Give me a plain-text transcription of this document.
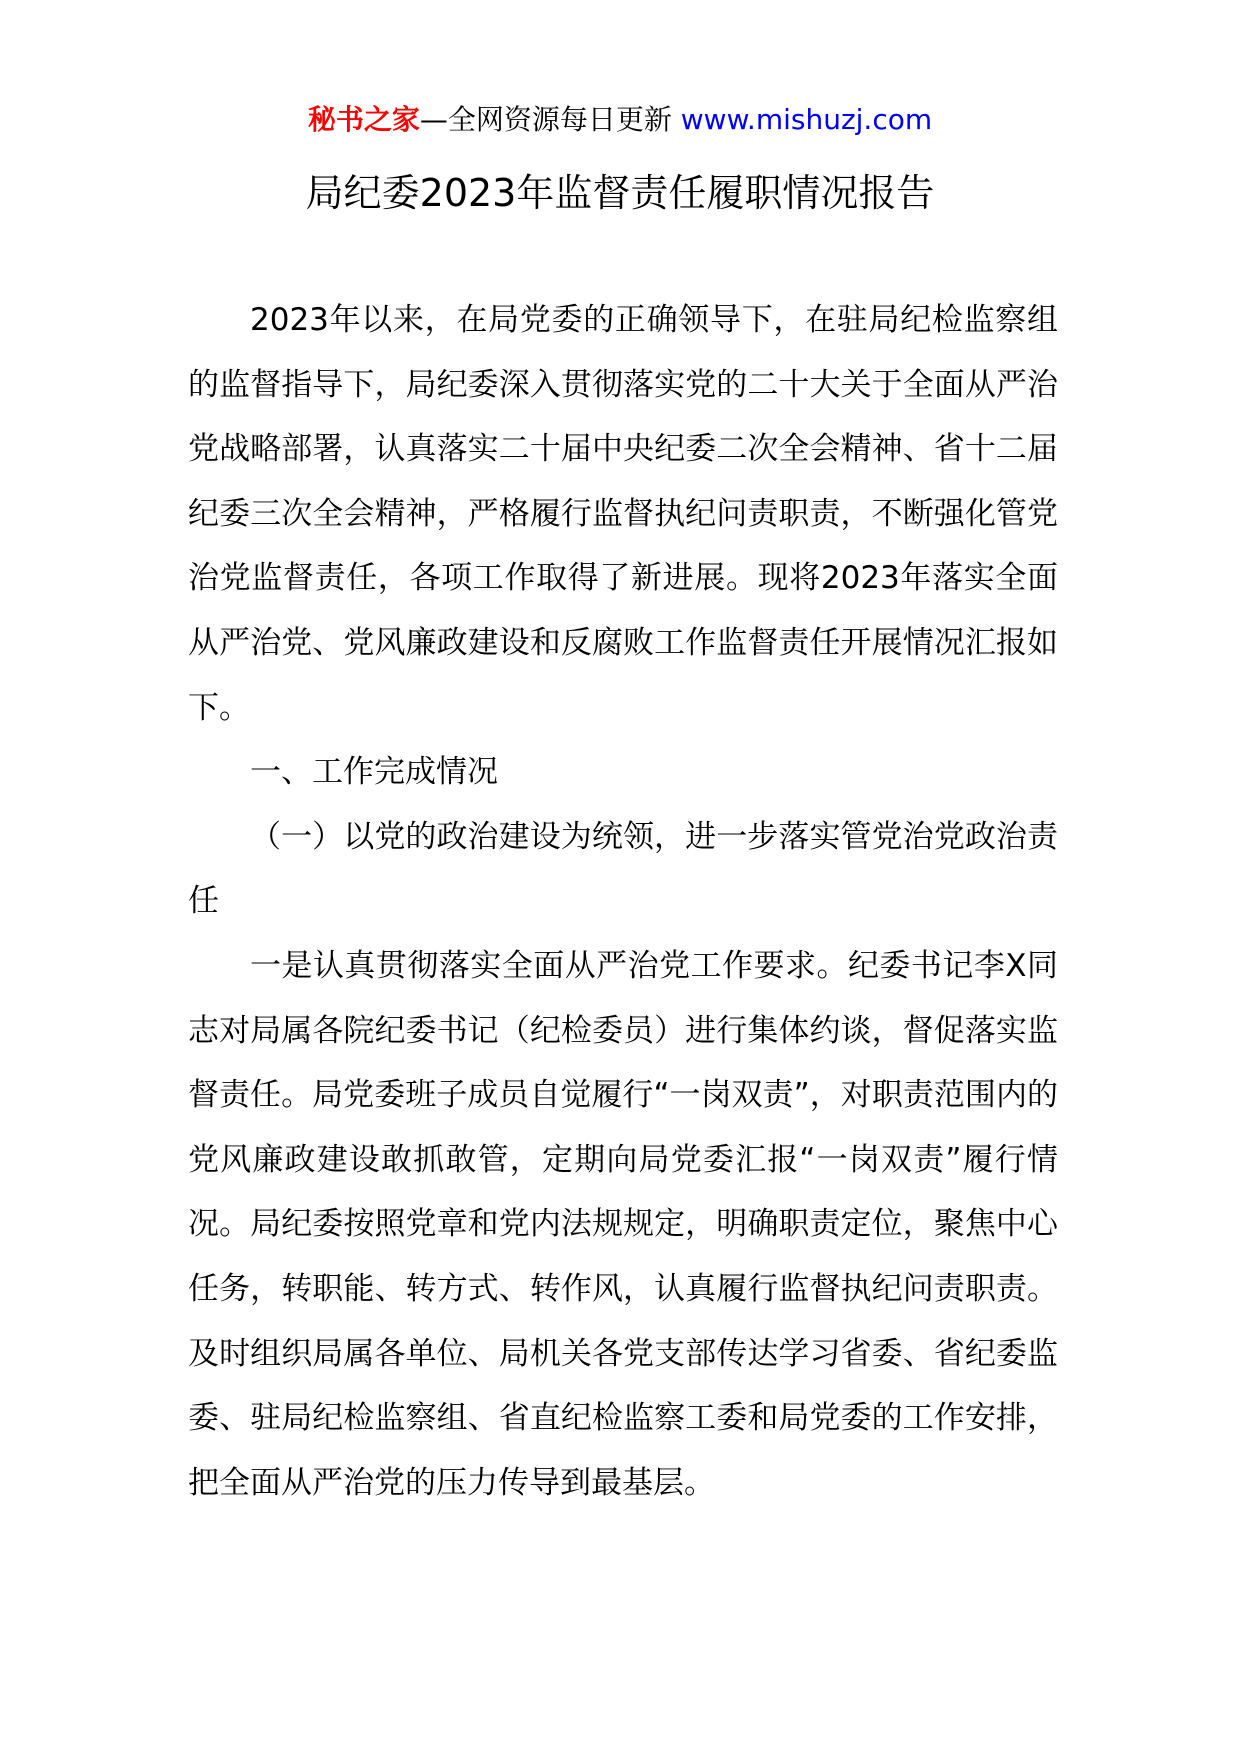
秘书之家—全网资源每日更新 www.mishuzj.com
局纪委2023年监督责任履职情况报告

2023年以来，在局党委的正确领导下，在驻局纪检监察组的监督指导下，局纪委深入贯彻落实党的二十大关于全面从严治党战略部署，认真落实二十届中央纪委二次全会精神、省十二届纪委三次全会精神，严格履行监督执纪问责职责，不断强化管党治党监督责任，各项工作取得了新进展。现将2023年落实全面从严治党、党风廉政建设和反腐败工作监督责任开展情况汇报如下。

一、工作完成情况

（一）以党的政治建设为统领，进一步落实管党治党政治责任

一是认真贯彻落实全面从严治党工作要求。纪委书记李X同志对局属各院纪委书记（纪检委员）进行集体约谈，督促落实监督责任。局党委班子成员自觉履行“一岗双责”，对职责范围内的党风廉政建设敢抓敢管，定期向局党委汇报“一岗双责”履行情况。局纪委按照党章和党内法规规定，明确职责定位，聚焦中心任务，转职能、转方式、转作风，认真履行监督执纪问责职责。及时组织局属各单位、局机关各党支部传达学习省委、省纪委监委、驻局纪检监察组、省直纪检监察工委和局党委的工作安排，把全面从严治党的压力传导到最基层。
